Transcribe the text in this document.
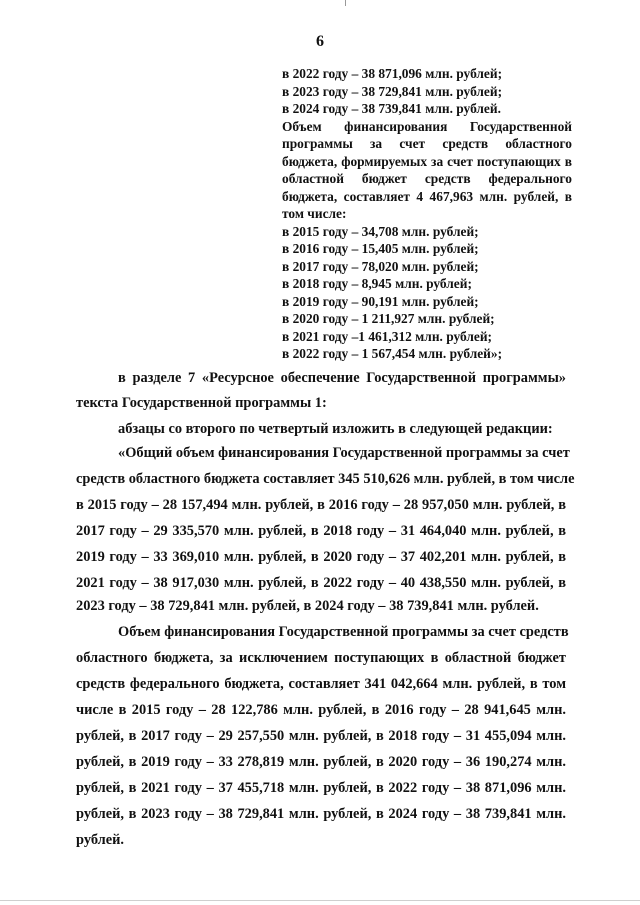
6
в 2022 году – 38 871,096 млн. рублей;
в 2023 году – 38 729,841 млн. рублей;
в 2024 году – 38 739,841 млн. рублей.
Объем финансирования Государственной программы за счет средств областного бюджета, формируемых за счет поступающих в областной бюджет средств федерального бюджета, составляет 4 467,963 млн. рублей, в том числе:
в 2015 году – 34,708 млн. рублей;
в 2016 году – 15,405 млн. рублей;
в 2017 году – 78,020 млн. рублей;
в 2018 году – 8,945 млн. рублей;
в 2019 году – 90,191 млн. рублей;
в 2020 году – 1 211,927 млн. рублей;
в 2021 году –1 461,312 млн. рублей;
в 2022 году – 1 567,454 млн. рублей»;
в разделе 7 «Ресурсное обеспечение Государственной программы»
текста Государственной программы 1:
абзацы со второго по четвертый изложить в следующей редакции:
«Общий объем финансирования Государственной программы за счет
средств областного бюджета составляет 345 510,626 млн. рублей, в том числе
в 2015 году – 28 157,494 млн. рублей, в 2016 году – 28 957,050 млн. рублей, в
2017 году – 29 335,570 млн. рублей, в 2018 году – 31 464,040 млн. рублей, в
2019 году – 33 369,010 млн. рублей, в 2020 году – 37 402,201 млн. рублей, в
2021 году – 38 917,030 млн. рублей, в 2022 году – 40 438,550 млн. рублей, в
2023 году – 38 729,841 млн. рублей, в 2024 году – 38 739,841 млн. рублей.
Объем финансирования Государственной программы за счет средств
областного бюджета, за исключением поступающих в областной бюджет
средств федерального бюджета, составляет 341 042,664 млн. рублей, в том
числе в 2015 году – 28 122,786 млн. рублей, в 2016 году – 28 941,645 млн.
рублей, в 2017 году – 29 257,550 млн. рублей, в 2018 году – 31 455,094 млн.
рублей, в 2019 году – 33 278,819 млн. рублей, в 2020 году – 36 190,274 млн.
рублей, в 2021 году – 37 455,718 млн. рублей, в 2022 году – 38 871,096 млн.
рублей, в 2023 году – 38 729,841 млн. рублей, в 2024 году – 38 739,841 млн.
рублей.
